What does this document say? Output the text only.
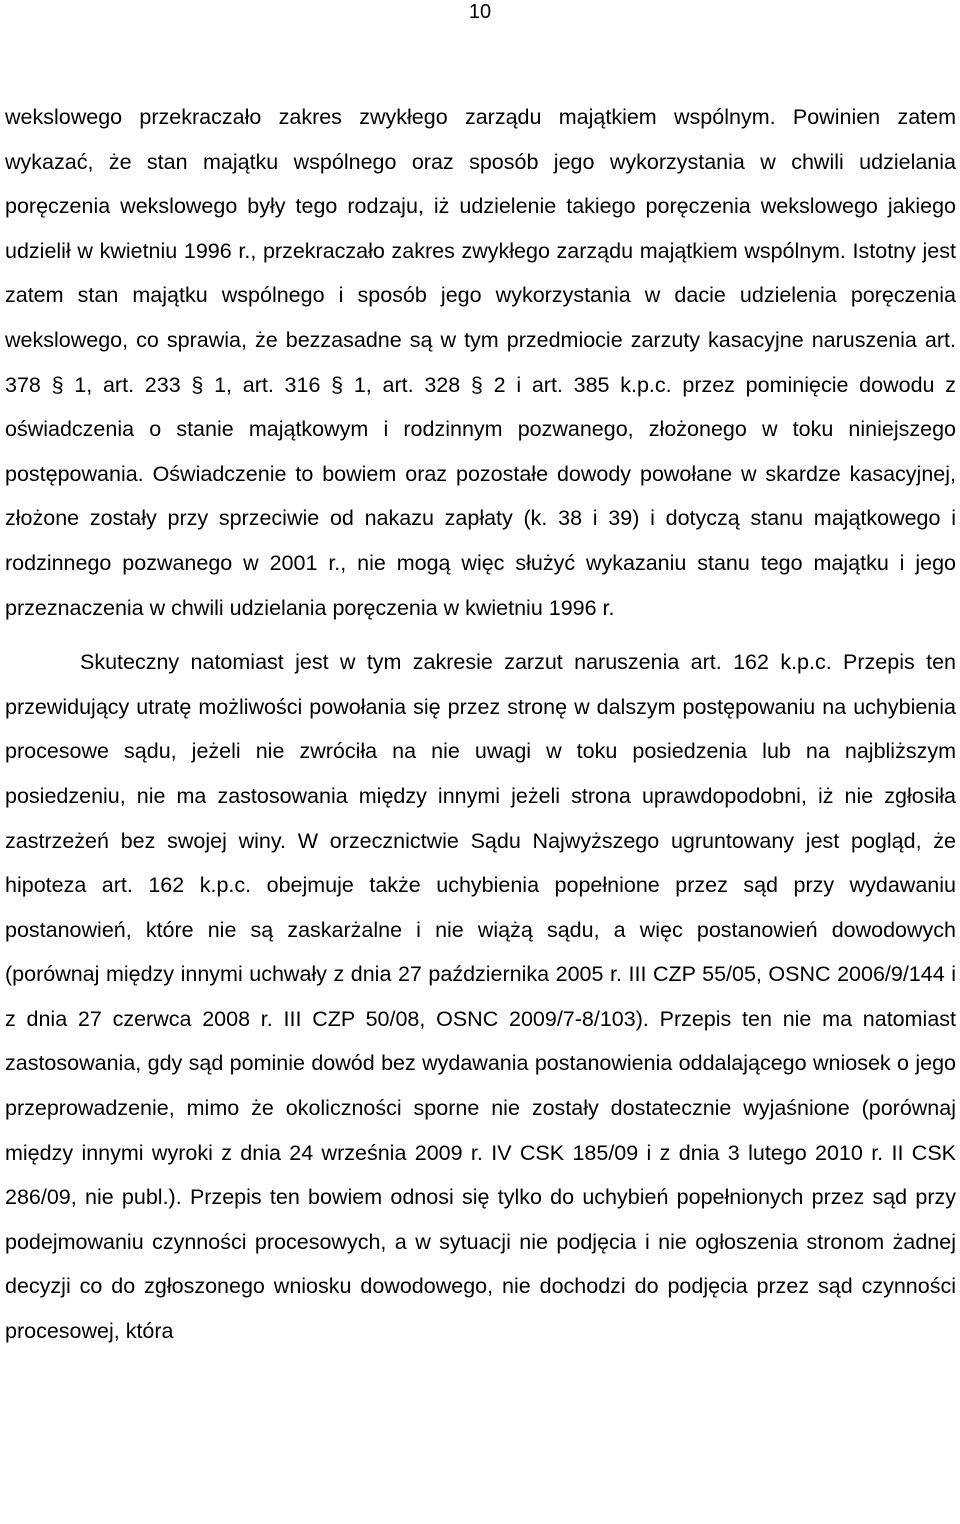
10

wekslowego przekraczało zakres zwykłego zarządu majątkiem wspólnym. Powinien zatem wykazać, że stan majątku wspólnego oraz sposób jego wykorzystania w chwili udzielania poręczenia wekslowego były tego rodzaju, iż udzielenie takiego poręczenia wekslowego jakiego udzielił w kwietniu 1996 r., przekraczało zakres zwykłego zarządu majątkiem wspólnym. Istotny jest zatem stan majątku wspólnego i sposób jego wykorzystania w dacie udzielenia poręczenia wekslowego, co sprawia, że bezzasadne są w tym przedmiocie zarzuty kasacyjne naruszenia art. 378 § 1, art. 233 § 1, art. 316 § 1, art. 328 § 2 i art. 385 k.p.c. przez pominięcie dowodu z oświadczenia o stanie majątkowym i rodzinnym pozwanego, złożonego w toku niniejszego postępowania. Oświadczenie to bowiem oraz pozostałe dowody powołane w skardze kasacyjnej, złożone zostały przy sprzeciwie od nakazu zapłaty (k. 38 i 39) i dotyczą stanu majątkowego i rodzinnego pozwanego w 2001 r., nie mogą więc służyć wykazaniu stanu tego majątku i jego przeznaczenia w chwili udzielania poręczenia w kwietniu 1996 r.

Skuteczny natomiast jest w tym zakresie zarzut naruszenia art. 162 k.p.c. Przepis ten przewidujący utratę możliwości powołania się przez stronę w dalszym postępowaniu na uchybienia procesowe sądu, jeżeli nie zwróciła na nie uwagi w toku posiedzenia lub na najbliższym posiedzeniu, nie ma zastosowania między innymi jeżeli strona uprawdopodobni, iż nie zgłosiła zastrzeżeń bez swojej winy. W orzecznictwie Sądu Najwyższego ugruntowany jest pogląd, że hipoteza art. 162 k.p.c. obejmuje także uchybienia popełnione przez sąd przy wydawaniu postanowień, które nie są zaskarżalne i nie wiążą sądu, a więc postanowień dowodowych (porównaj między innymi uchwały z dnia 27 października 2005 r. III CZP 55/05, OSNC 2006/9/144 i z dnia 27 czerwca 2008 r. III CZP 50/08, OSNC 2009/7-8/103). Przepis ten nie ma natomiast zastosowania, gdy sąd pominie dowód bez wydawania postanowienia oddalającego wniosek o jego przeprowadzenie, mimo że okoliczności sporne nie zostały dostatecznie wyjaśnione (porównaj między innymi wyroki z dnia 24 września 2009 r. IV CSK 185/09 i z dnia 3 lutego 2010 r. II CSK 286/09, nie publ.). Przepis ten bowiem odnosi się tylko do uchybień popełnionych przez sąd przy podejmowaniu czynności procesowych, a w sytuacji nie podjęcia i nie ogłoszenia stronom żadnej decyzji co do zgłoszonego wniosku dowodowego, nie dochodzi do podjęcia przez sąd czynności procesowej, która
